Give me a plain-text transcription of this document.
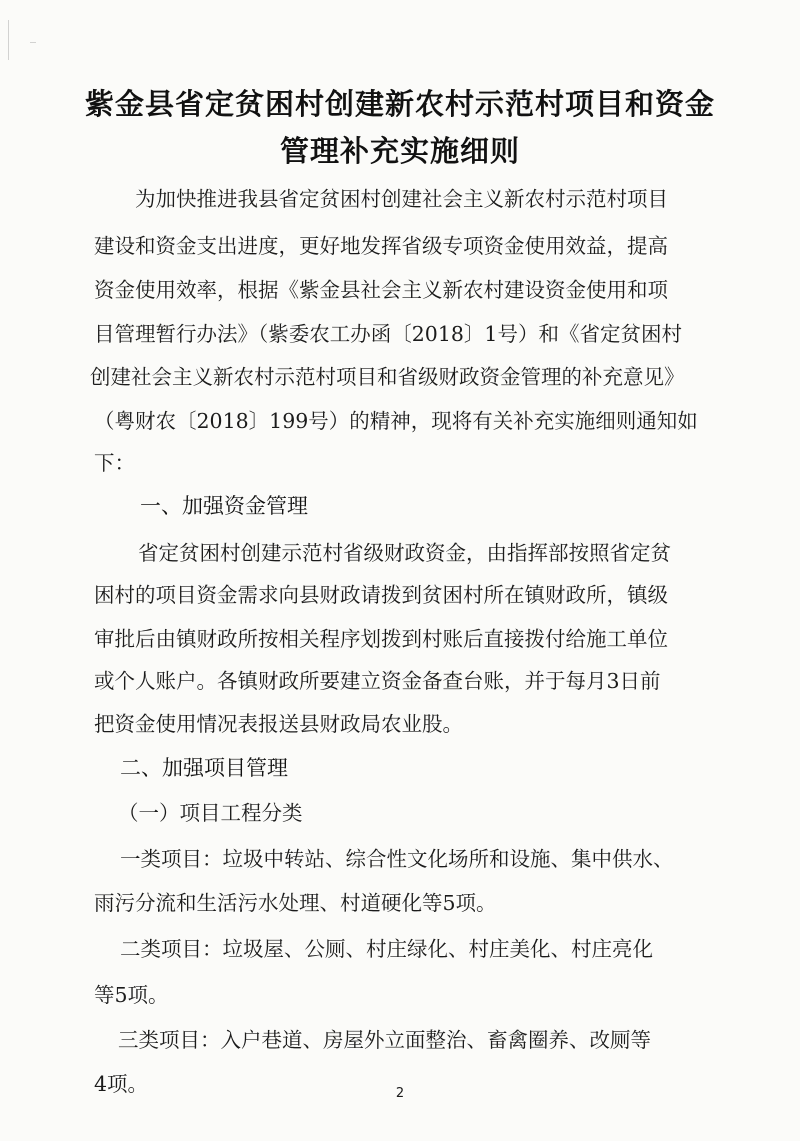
紫金县省定贫困村创建新农村示范村项目和资金
管理补充实施细则
为加快推进我县省定贫困村创建社会主义新农村示范村项目
建设和资金支出进度，更好地发挥省级专项资金使用效益，提高
资金使用效率，根据《紫金县社会主义新农村建设资金使用和项
目管理暂行办法》（紫委农工办函〔2018〕1号）和《省定贫困村
创建社会主义新农村示范村项目和省级财政资金管理的补充意见》
（粤财农〔2018〕199号）的精神，现将有关补充实施细则通知如
下：
一、加强资金管理
省定贫困村创建示范村省级财政资金，由指挥部按照省定贫
困村的项目资金需求向县财政请拨到贫困村所在镇财政所，镇级
审批后由镇财政所按相关程序划拨到村账后直接拨付给施工单位
或个人账户。各镇财政所要建立资金备查台账，并于每月3日前
把资金使用情况表报送县财政局农业股。
二、加强项目管理
（一）项目工程分类
一类项目：垃圾中转站、综合性文化场所和设施、集中供水、
雨污分流和生活污水处理、村道硬化等5项。
二类项目：垃圾屋、公厕、村庄绿化、村庄美化、村庄亮化
等5项。
三类项目：入户巷道、房屋外立面整治、畜禽圈养、改厕等
4项。	2
